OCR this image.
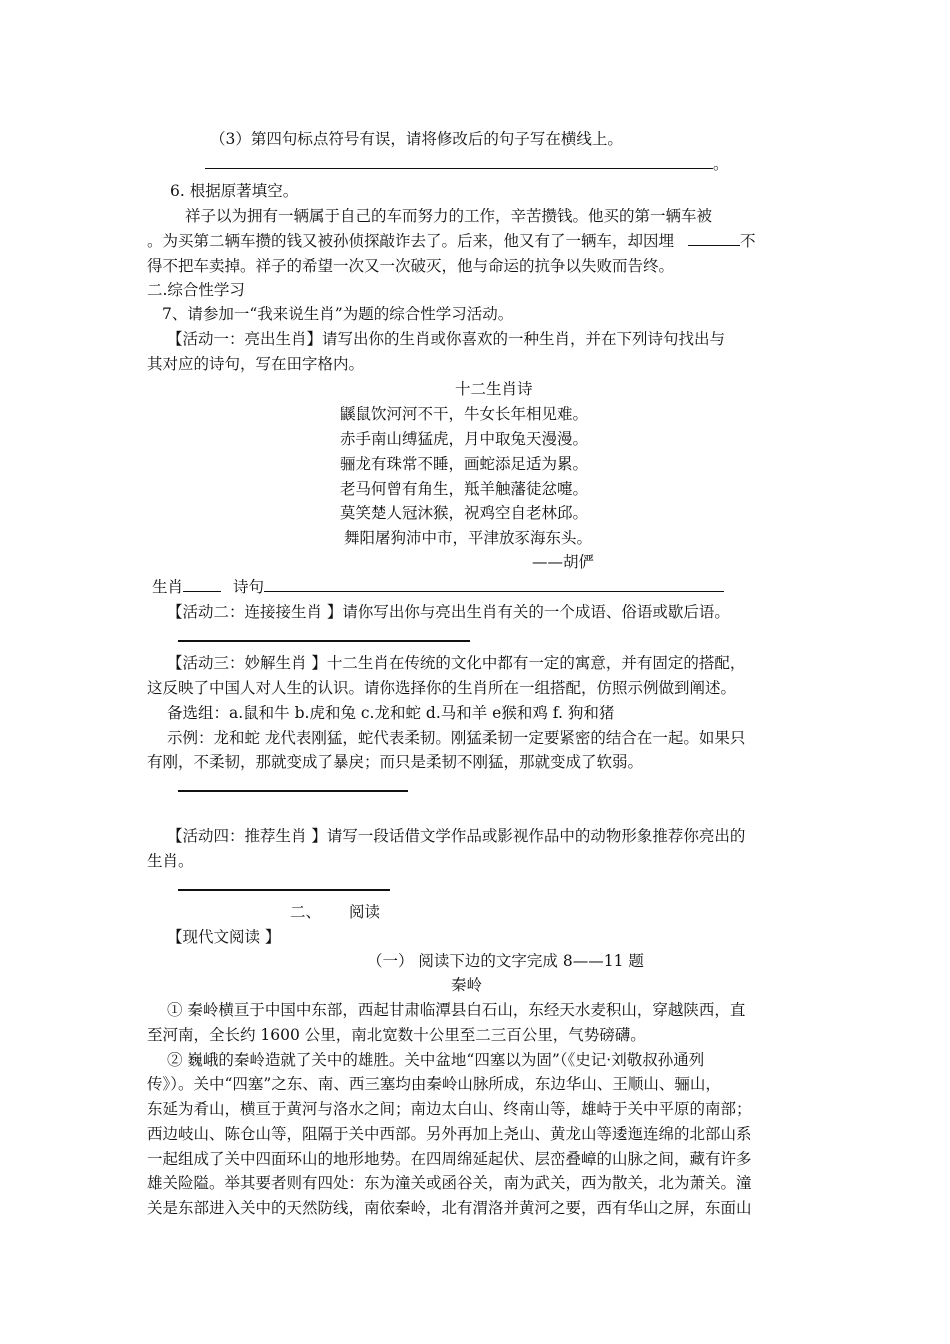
（3）第四句标点符号有误，请将修改后的句子写在横线上。
。
6. 根据原著填空。
祥子以为拥有一辆属于自己的车而努力的工作，辛苦攒钱。他买的第一辆车被
。为买第二辆车攒的钱又被孙侦探敲诈去了。后来，他又有了一辆车，却因埋	不
得不把车卖掉。祥子的希望一次又一次破灭，他与命运的抗争以失败而告终。
二.综合性学习
7、请参加一“我来说生肖”为题的综合性学习活动。
【活动一：亮出生肖】请写出你的生肖或你喜欢的一种生肖，并在下列诗句找出与
其对应的诗句，写在田字格内。
十二生肖诗
鼷鼠饮河河不干，牛女长年相见难。
赤手南山缚猛虎，月中取兔天漫漫。
骊龙有珠常不睡，画蛇添足适为累。
老马何曾有角生，羝羊触藩徒忿嚏。
莫笑楚人冠沐猴，祝鸡空自老林邱。
舞阳屠狗沛中市，平津放豕海东头。
——胡俨
生肖	诗句
【活动二：连接接生肖 】请你写出你与亮出生肖有关的一个成语、俗语或歇后语。
【活动三：妙解生肖 】十二生肖在传统的文化中都有一定的寓意，并有固定的搭配，
这反映了中国人对人生的认识。请你选择你的生肖所在一组搭配，仿照示例做到阐述。
备选组：a.鼠和牛 b.虎和兔 c.龙和蛇 d.马和羊 e猴和鸡 f. 狗和猪
示例：龙和蛇 龙代表刚猛，蛇代表柔韧。刚猛柔韧一定要紧密的结合在一起。如果只
有刚，不柔韧，那就变成了暴戾；而只是柔韧不刚猛，那就变成了软弱。
【活动四：推荐生肖 】请写一段话借文学作品或影视作品中的动物形象推荐你亮出的
生肖。
二、 阅读
【现代文阅读 】
（一） 阅读下边的文字完成 8——11 题
秦岭
① 秦岭横亘于中国中东部，西起甘肃临潭县白石山，东经天水麦积山，穿越陕西，直
至河南，全长约 1600 公里，南北宽数十公里至二三百公里，气势磅礴。
② 巍峨的秦岭造就了关中的雄胜。关中盆地“四塞以为固”（《史记·刘敬叔孙通列
传》）。关中“四塞”之东、南、西三塞均由秦岭山脉所成，东边华山、王顺山、骊山，
东延为肴山，横亘于黄河与洛水之间；南边太白山、终南山等，雄峙于关中平原的南部；
西边岐山、陈仓山等，阻隔于关中西部。另外再加上尧山、黄龙山等逶迤连绵的北部山系
一起组成了关中四面环山的地形地势。在四周绵延起伏、层峦叠嶂的山脉之间，藏有许多
雄关险隘。举其要者则有四处：东为潼关或函谷关，南为武关，西为散关，北为萧关。潼
关是东部进入关中的天然防线，南依秦岭，北有渭洛并黄河之要，西有华山之屏，东面山
